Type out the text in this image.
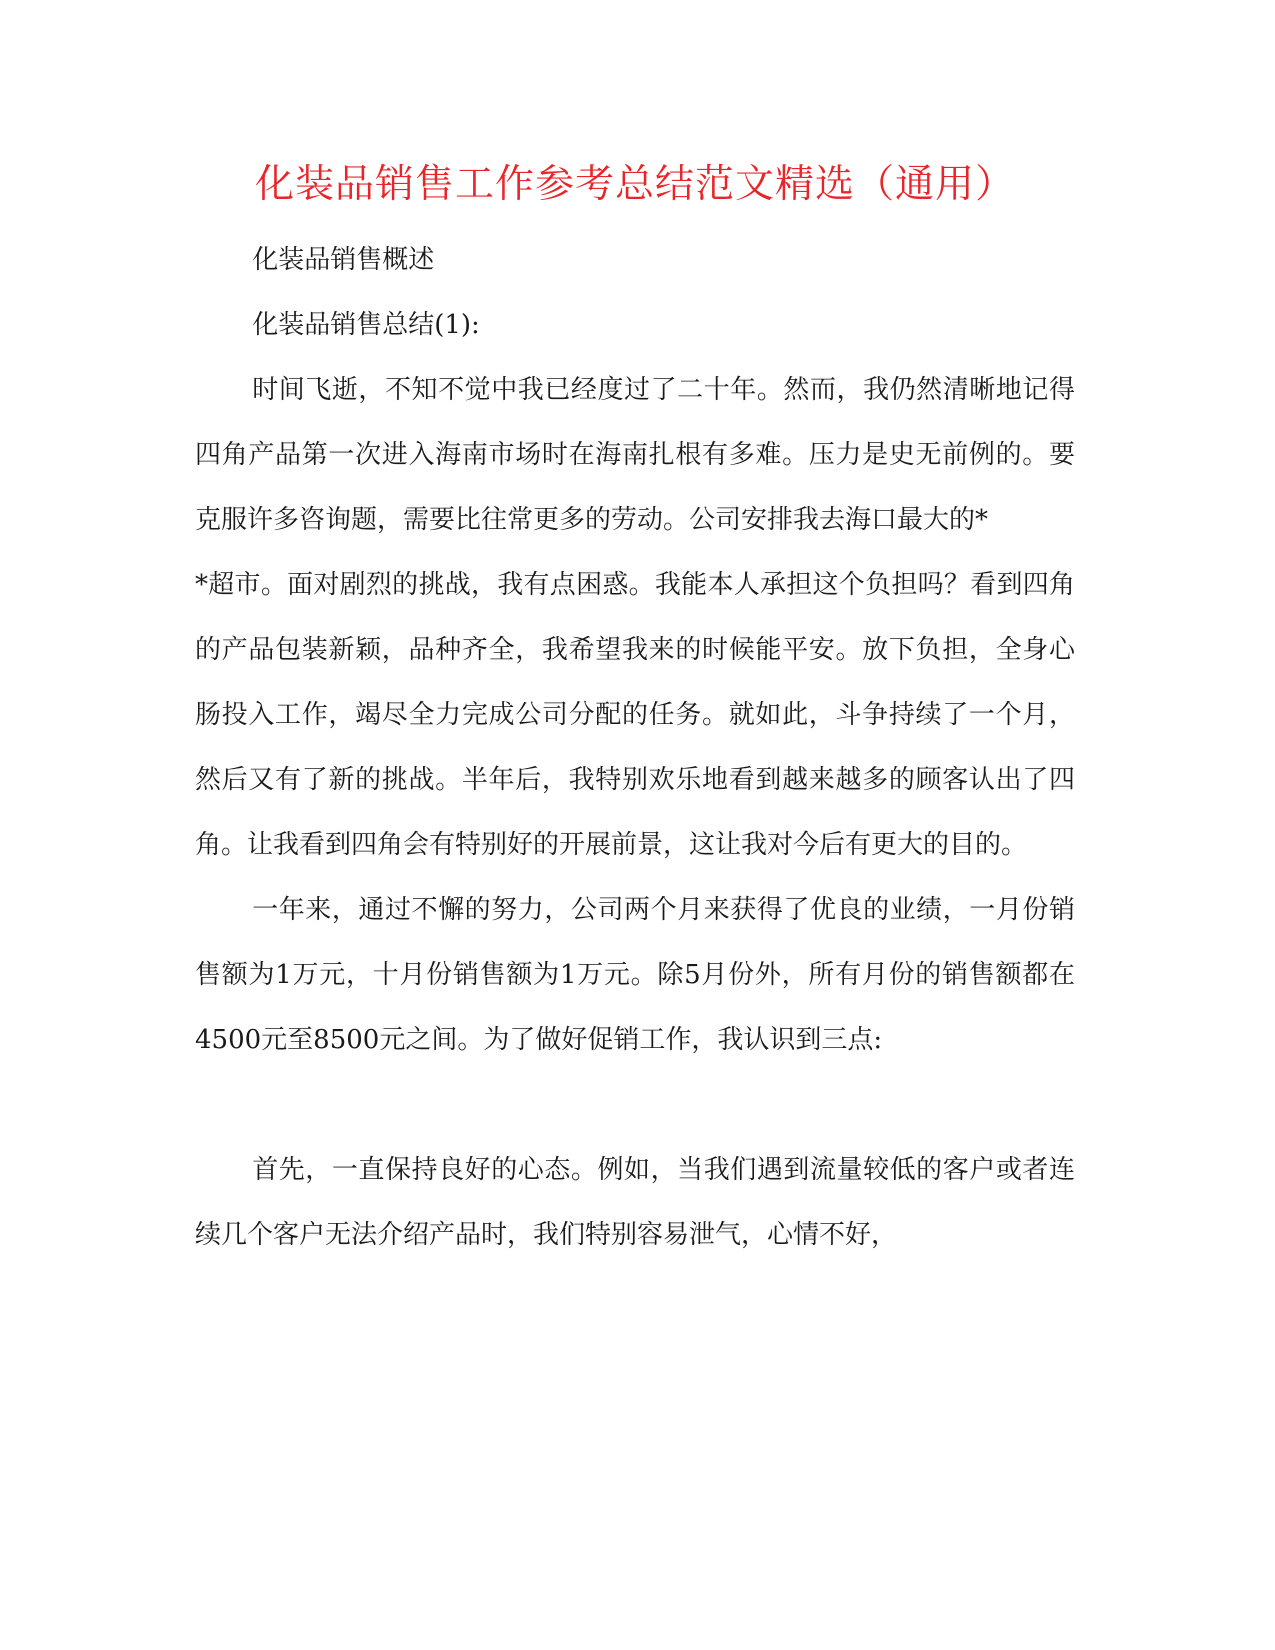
化装品销售工作参考总结范文精选（通用）

化装品销售概述

化装品销售总结(1):

时间飞逝，不知不觉中我已经度过了二十年。然而，我仍然清晰地记得四角产品第一次进入海南市场时在海南扎根有多难。压力是史无前例的。要克服许多咨询题，需要比往常更多的劳动。公司安排我去海口最大的*

*超市。面对剧烈的挑战，我有点困惑。我能本人承担这个负担吗？看到四角的产品包装新颖，品种齐全，我希望我来的时候能平安。放下负担，全身心肠投入工作，竭尽全力完成公司分配的任务。就如此，斗争持续了一个月，然后又有了新的挑战。半年后，我特别欢乐地看到越来越多的顾客认出了四角。让我看到四角会有特别好的开展前景，这让我对今后有更大的目的。

一年来，通过不懈的努力，公司两个月来获得了优良的业绩，一月份销售额为1万元，十月份销售额为1万元。除5月份外，所有月份的销售额都在4500元至8500元之间。为了做好促销工作，我认识到三点:

首先，一直保持良好的心态。例如，当我们遇到流量较低的客户或者连续几个客户无法介绍产品时，我们特别容易泄气，心情不好，
